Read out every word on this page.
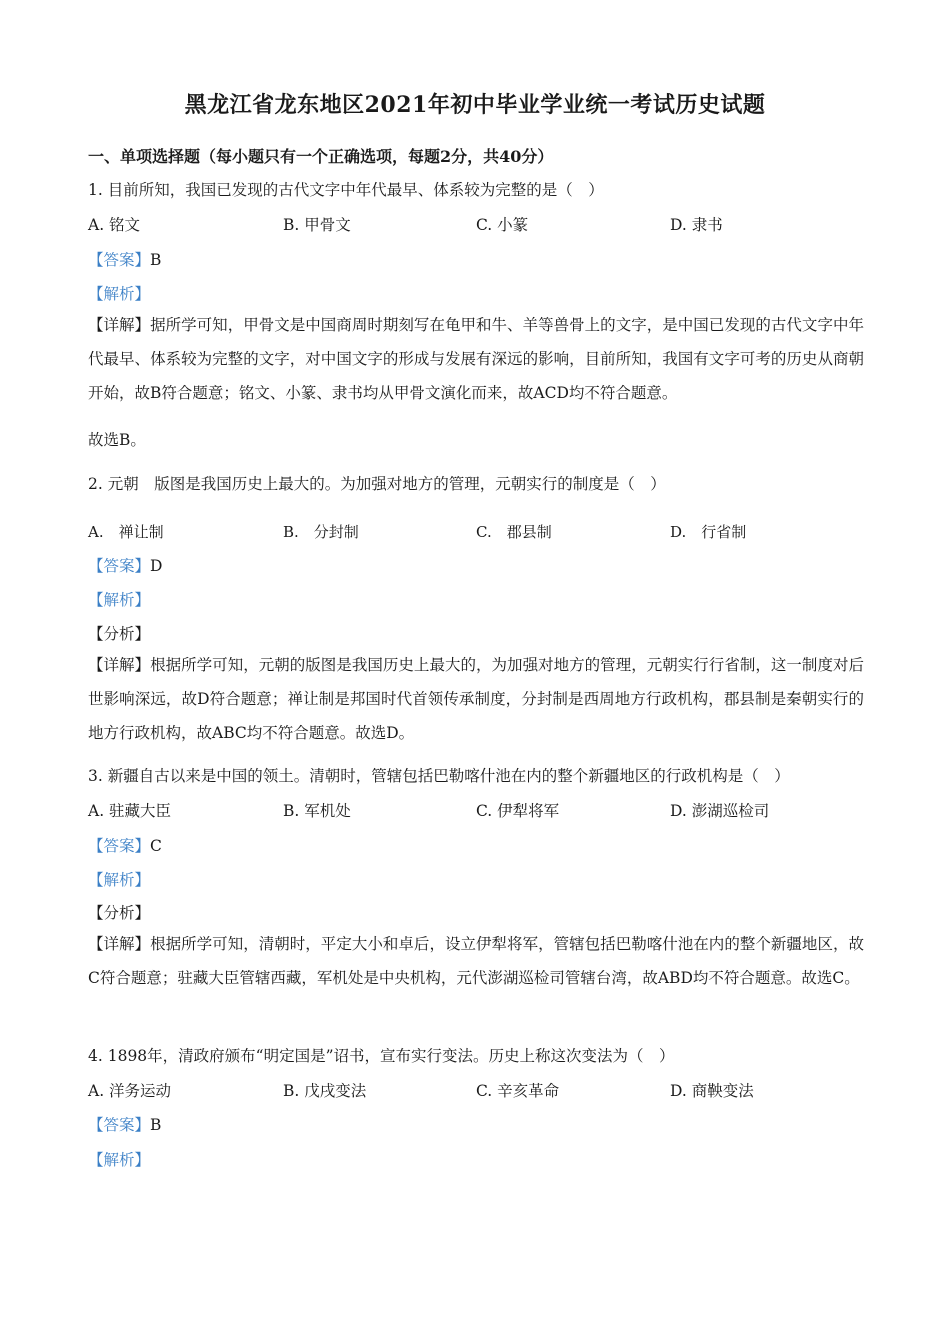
黑龙江省龙东地区2021年初中毕业学业统一考试历史试题
一、单项选择题（每小题只有一个正确选项，每题2分，共40分）
1. 目前所知，我国已发现的古代文字中年代最早、体系较为完整的是（　）
A. 铭文	B. 甲骨文	C. 小篆	D. 隶书
【答案】B
【解析】
【详解】据所学可知，甲骨文是中国商周时期刻写在龟甲和牛、羊等兽骨上的文字，是中国已发现的古代文字中年代最早、体系较为完整的文字，对中国文字的形成与发展有深远的影响，目前所知，我国有文字可考的历史从商朝开始，故B符合题意；铭文、小篆、隶书均从甲骨文演化而来，故ACD均不符合题意。
故选B。
2. 元朝　版图是我国历史上最大的。为加强对地方的管理，元朝实行的制度是（　）
A.　禅让制	B.　分封制	C.　郡县制	D.　行省制
【答案】D
【解析】
【分析】
【详解】根据所学可知，元朝的版图是我国历史上最大的，为加强对地方的管理，元朝实行行省制，这一制度对后世影响深远，故D符合题意；禅让制是邦国时代首领传承制度，分封制是西周地方行政机构，郡县制是秦朝实行的地方行政机构，故ABC均不符合题意。故选D。
3. 新疆自古以来是中国的领土。清朝时，管辖包括巴勒喀什池在内的整个新疆地区的行政机构是（　）
A. 驻藏大臣	B. 军机处	C. 伊犁将军	D. 澎湖巡检司
【答案】C
【解析】
【分析】
【详解】根据所学可知，清朝时，平定大小和卓后，设立伊犁将军，管辖包括巴勒喀什池在内的整个新疆地区，故C符合题意；驻藏大臣管辖西藏，军机处是中央机构，元代澎湖巡检司管辖台湾，故ABD均不符合题意。故选C。
4. 1898年，清政府颁布“明定国是”诏书，宣布实行变法。历史上称这次变法为（　）
A. 洋务运动	B. 戊戌变法	C. 辛亥革命	D. 商鞅变法
【答案】B
【解析】
